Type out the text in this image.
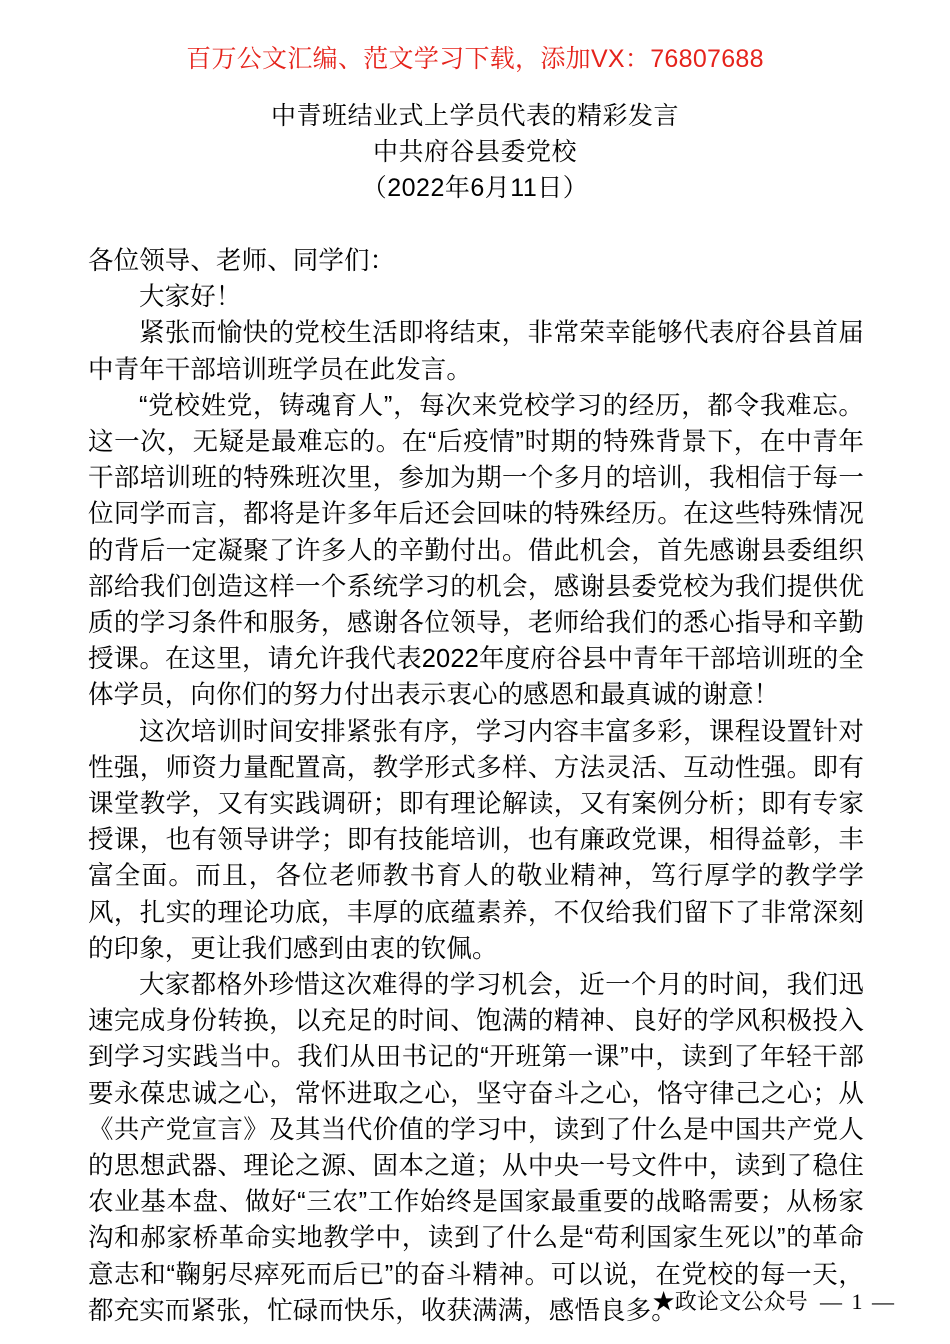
百万公文汇编、范文学习下载，添加VX：76807688
中青班结业式上学员代表的精彩发言
中共府谷县委党校
（2022年6月11日）

各位领导、老师、同学们：

大家好！

紧张而愉快的党校生活即将结束，非常荣幸能够代表府谷县首届中青年干部培训班学员在此发言。

“党校姓党，铸魂育人”，每次来党校学习的经历，都令我难忘。这一次，无疑是最难忘的。在“后疫情”时期的特殊背景下，在中青年干部培训班的特殊班次里，参加为期一个多月的培训，我相信于每一位同学而言，都将是许多年后还会回味的特殊经历。在这些特殊情况的背后一定凝聚了许多人的辛勤付出。借此机会，首先感谢县委组织部给我们创造这样一个系统学习的机会，感谢县委党校为我们提供优质的学习条件和服务，感谢各位领导，老师给我们的悉心指导和辛勤授课。在这里，请允许我代表2022年度府谷县中青年干部培训班的全体学员，向你们的努力付出表示衷心的感恩和最真诚的谢意！

这次培训时间安排紧张有序，学习内容丰富多彩，课程设置针对性强，师资力量配置高，教学形式多样、方法灵活、互动性强。即有课堂教学，又有实践调研；即有理论解读，又有案例分析；即有专家授课，也有领导讲学；即有技能培训，也有廉政党课，相得益彰，丰富全面。而且，各位老师教书育人的敬业精神，笃行厚学的教学学风，扎实的理论功底，丰厚的底蕴素养，不仅给我们留下了非常深刻的印象，更让我们感到由衷的钦佩。

大家都格外珍惜这次难得的学习机会，近一个月的时间，我们迅速完成身份转换，以充足的时间、饱满的精神、良好的学风积极投入到学习实践当中。我们从田书记的“开班第一课”中，读到了年轻干部要永葆忠诚之心，常怀进取之心，坚守奋斗之心，恪守律己之心；从《共产党宣言》及其当代价值的学习中，读到了什么是中国共产党人的思想武器、理论之源、固本之道；从中央一号文件中，读到了稳住农业基本盘、做好“三农”工作始终是国家最重要的战略需要；从杨家沟和郝家桥革命实地教学中，读到了什么是“苟利国家生死以”的革命意志和“鞠躬尽瘁死而后已”的奋斗精神。可以说，在党校的每一天，都充实而紧张，忙碌而快乐，收获满满，感悟良多。

★政论文公众号 — 1 —
